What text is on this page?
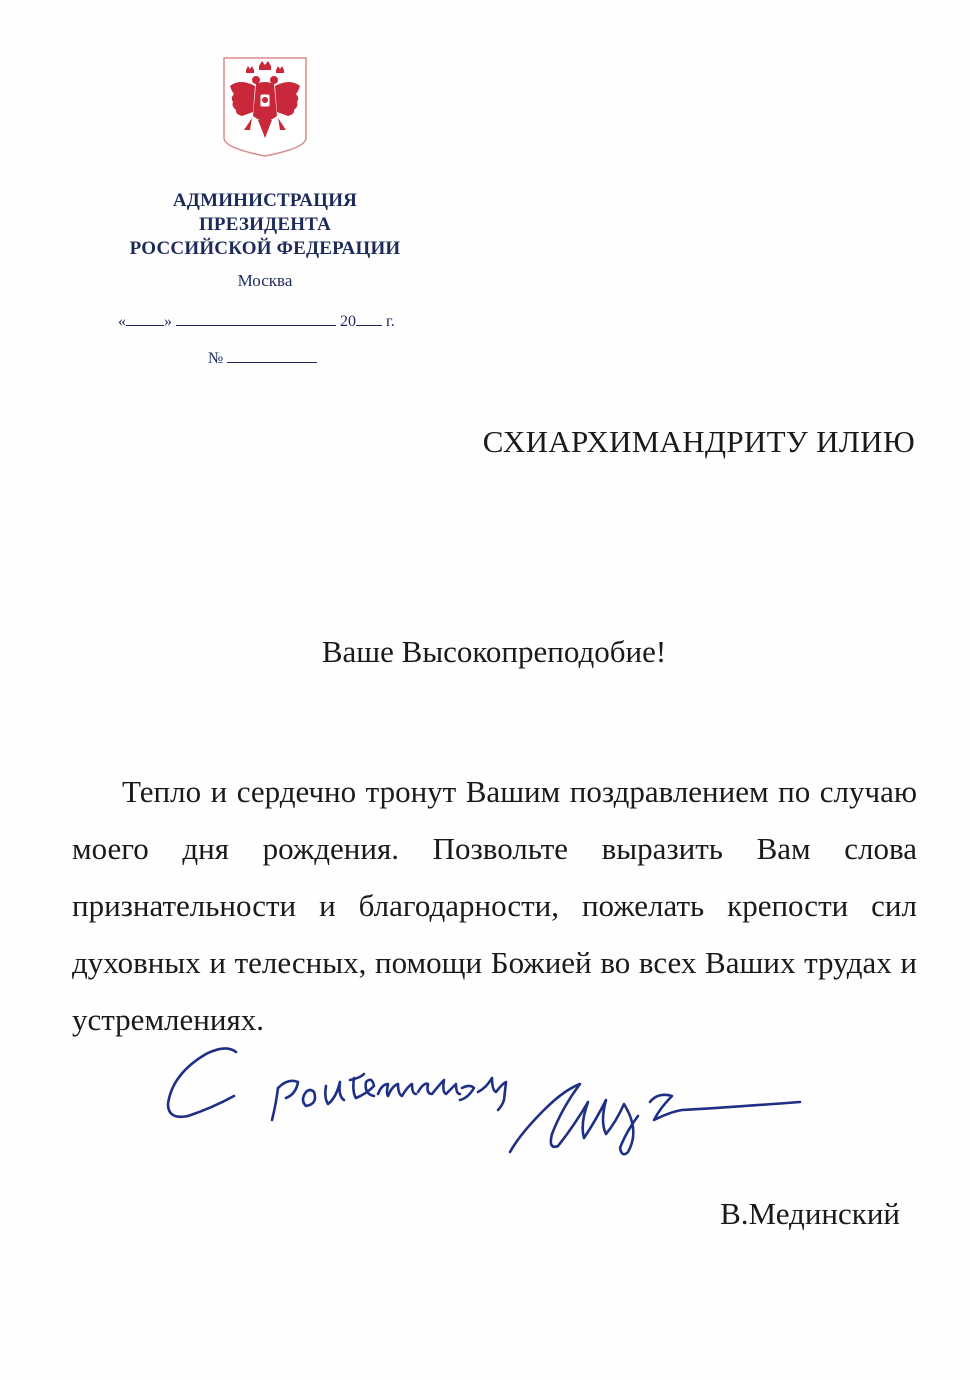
АДМИНИСТРАЦИЯ
ПРЕЗИДЕНТА
РОССИЙСКОЙ ФЕДЕРАЦИИ
Москва
« »	20 г.
№
СХИАРХИМАНДРИТУ ИЛИЮ
Ваше Высокопреподобие!
Тепло и сердечно тронут Вашим поздравлением по случаю моего дня рождения. Позвольте выразить Вам слова признательности и благодарности, пожелать крепости сил духовных и телесных, помощи Божией во всех Ваших трудах и устремлениях.
В.Мединский
